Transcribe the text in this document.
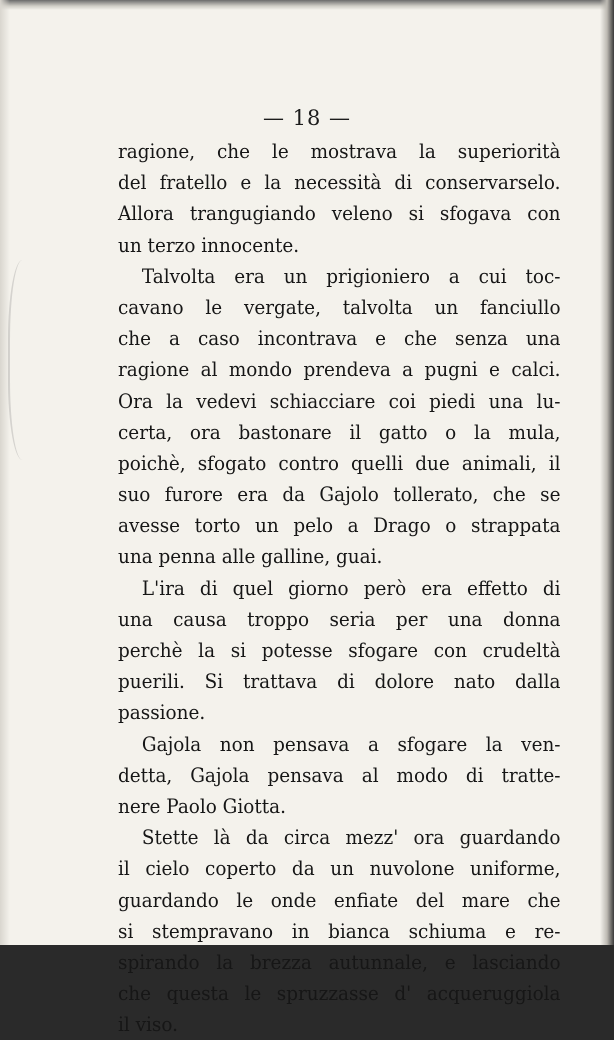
— 18 —
ragione, che le mostrava la superiorità
del fratello e la necessità di conservarselo.
Allora trangugiando veleno si sfogava con
un terzo innocente.
Talvolta era un prigioniero a cui toc-
cavano le vergate, talvolta un fanciullo
che a caso incontrava e che senza una
ragione al mondo prendeva a pugni e calci.
Ora la vedevi schiacciare coi piedi una lu-
certa, ora bastonare il gatto o la mula,
poichè, sfogato contro quelli due animali, il
suo furore era da Gajolo tollerato, che se
avesse torto un pelo a Drago o strappata
una penna alle galline, guai.
L'ira di quel giorno però era effetto di
una causa troppo seria per una donna
perchè la si potesse sfogare con crudeltà
puerili. Si trattava di dolore nato dalla
passione.
Gajola non pensava a sfogare la ven-
detta, Gajola pensava al modo di tratte-
nere Paolo Giotta.
Stette là da circa mezz' ora guardando
il cielo coperto da un nuvolone uniforme,
guardando le onde enfiate del mare che
si stempravano in bianca schiuma e re-
spirando la brezza autunnale, e lasciando
che questa le spruzzasse d' acqueruggiola
il viso.
